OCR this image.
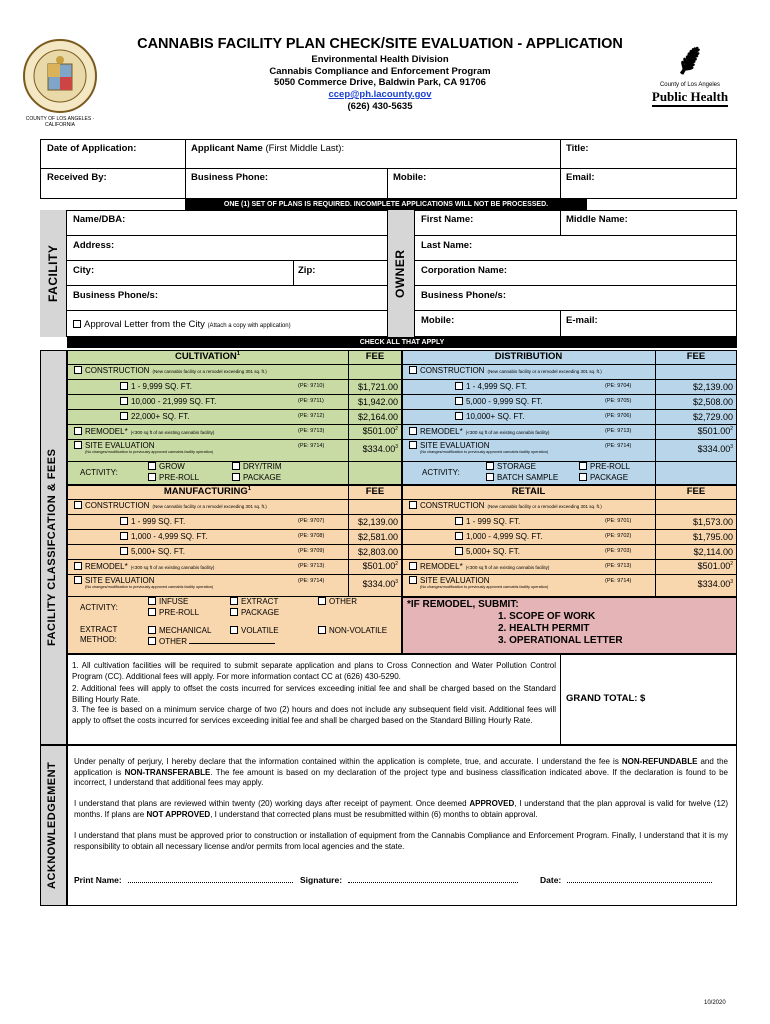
COUNTY OF LOS ANGELES · CALIFORNIA
CANNABIS FACILITY PLAN CHECK/SITE EVALUATION - APPLICATION
Environmental Health Division
Cannabis Compliance and Enforcement Program
5050 Commerce Drive, Baldwin Park, CA 91706
ccep@ph.lacounty.gov
(626) 430-5635
⸙
County of Los Angeles
Public Health
Date of Application:	Applicant Name (First Middle Last):	Title:
Received By:	Business Phone:	Mobile:	Email:
ONE (1) SET OF PLANS IS REQUIRED. INCOMPLETE APPLICATIONS WILL NOT BE PROCESSED.
FACILITY	OWNER
Name/DBA:
Address:
City:	Zip:
Business Phone/s:
Approval Letter from the City (Attach a copy with application)
First Name:	Middle Name:
Last Name:
Corporation Name:
Business Phone/s:
Mobile:	E-mail:
CHECK ALL THAT APPLY
FACILITY CLASSIFCATION & FEES
CULTIVATION$^1$	FEE	DISTRIBUTION	FEE
MANUFACTURING$^1$	FEE	RETAIL	FEE
CONSTRUCTION (New cannabis facility or a remodel exceeding 301 sq. ft.)
1 - 9,999 SQ. FT.	(PE: 9710)	$1,721.00
10,000 - 21,999 SQ. FT.	(PE: 9711)	$1,942.00
22,000+ SQ. FT.	(PE: 9712)	$2,164.00
REMODEL* (<300 sq ft of an existing cannabis facility)	(PE: 9713)	$501.00$^2$
SITE EVALUATION
(No changes/modification to previously approved cannabis facility operation)
(PE: 9714)	$334.00$^3$
CONSTRUCTION (New cannabis facility or a remodel exceeding 301 sq. ft.)
1 - 4,999 SQ. FT.	(PE: 9704)	$2,139.00
5,000 - 9,999 SQ. FT.	(PE: 9705)	$2,508.00
10,000+ SQ. FT.	(PE: 9706)	$2,729.00
REMODEL* (<300 sq ft of an existing cannabis facility)	(PE: 9713)	$501.00$^2$
SITE EVALUATION
(No changes/modification to previously approved cannabis facility operation)
(PE: 9714)	$334.00$^3$
CONSTRUCTION (New cannabis facility or a remodel exceeding 301 sq. ft.)
1 - 999 SQ. FT.	(PE: 9707)	$2,139.00
1,000 - 4,999 SQ. FT.	(PE: 9708)	$2,581.00
5,000+ SQ. FT.	(PE: 9709)	$2,803.00
REMODEL* (<300 sq ft of an existing cannabis facility)	(PE: 9713)	$501.00$^2$
SITE EVALUATION
(No changes/modification to previously approved cannabis facility operation)
(PE: 9714)	$334.00$^3$
CONSTRUCTION (New cannabis facility or a remodel exceeding 301 sq. ft.)
1 - 999 SQ. FT.	(PE: 9701)	$1,573.00
1,000 - 4,999 SQ. FT.	(PE: 9702)	$1,795.00
5,000+ SQ. FT.	(PE: 9703)	$2,114.00
REMODEL* (<300 sq ft of an existing cannabis facility)	(PE: 9713)	$501.00$^2$
SITE EVALUATION
(No changes/modification to previously approved cannabis facility operation)
(PE: 9714)	$334.00$^3$
ACTIVITY:
GROW	DRY/TRIM
PRE-ROLL	PACKAGE
ACTIVITY:
STORAGE	PRE-ROLL
BATCH SAMPLE	PACKAGE
ACTIVITY:
INFUSE	EXTRACT	OTHER
PRE-ROLL	PACKAGE
EXTRACT METHOD:
MECHANICAL	VOLATILE	NON-VOLATILE
OTHER
*IF REMODEL, SUBMIT:
1. SCOPE OF WORK
2. HEALTH PERMIT
3. OPERATIONAL LETTER
1. All cultivation facilities will be required to submit separate application and plans to Cross Connection and Water Pollution Control Program (CC). Additional fees will apply. For more information contact CC at (626) 430-5290.
2. Additional fees will apply to offset the costs incurred for services exceeding initial fee and shall be charged based on the Standard Billing Hourly Rate.
3. The fee is based on a minimum service charge of two (2) hours and does not include any subsequent field visit. Additional fees will apply to offset the costs incurred for services exceeding initial fee and shall be charged based on the Standard Billing Hourly Rate.
GRAND TOTAL: $
ACKNOWLEDGEMENT
Under penalty of perjury, I hereby declare that the information contained within the application is complete, true, and accurate. I understand the fee is NON-REFUNDABLE and the application is NON-TRANSFERABLE. The fee amount is based on my declaration of the project type and business classification indicated above. If the declaration is found to be incorrect, I understand that additional fees may apply.
I understand that plans are reviewed within twenty (20) working days after receipt of payment. Once deemed APPROVED, I understand that the plan approval is valid for twelve (12) months. If plans are NOT APPROVED, I understand that corrected plans must be resubmitted within (6) months to obtain approval.
I understand that plans must be approved prior to construction or installation of equipment from the Cannabis Compliance and Enforcement Program. Finally, I understand that it is my responsibility to obtain all necessary license and/or permits from local agencies and the state.
Print Name:	Signature:	Date:
10/2020
